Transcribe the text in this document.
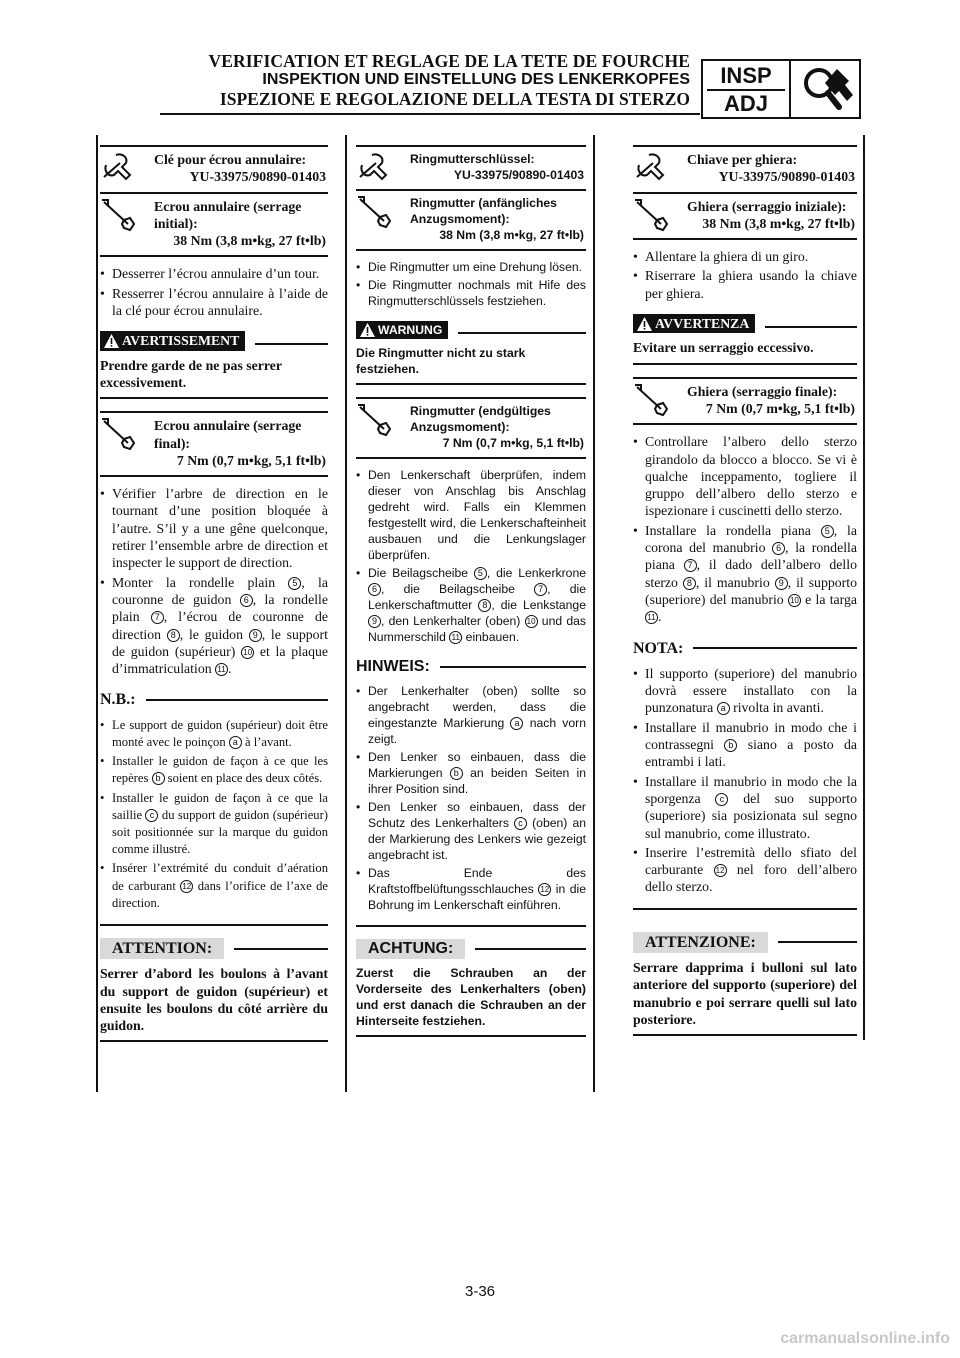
VERIFICATION ET REGLAGE DE LA TETE DE FOURCHE
INSPEKTION UND EINSTELLUNG DES LENKERKOPFES
ISPEZIONE E REGOLAZIONE DELLA TESTA DI STERZO
INSP
ADJ
Clé pour écrou annulaire:
YU-33975/90890-01403
Ecrou annulaire (serrage initial):
38 Nm (3,8 m•kg, 27 ft•lb)
• Desserrer l’écrou annulaire d’un tour.
• Resserrer l’écrou annulaire à l’aide de la clé pour écrou annulaire.
AVERTISSEMENT
Prendre garde de ne pas serrer excessivement.
Ecrou annulaire (serrage final):
7 Nm (0,7 m•kg, 5,1 ft•lb)
• Vérifier l’arbre de direction en le tournant d’une position bloquée à l’autre. S’il y a une gêne quelconque, retirer l’ensemble arbre de direction et inspecter le support de direction.
• Monter la rondelle plain 5 , la couronne de guidon 6 , la rondelle plain 7 , l’écrou de couronne de direction 8 , le guidon 9 , le support de guidon (supérieur) 10 et la plaque d’immatriculation 11 .
N.B.:
• Le support de guidon (supérieur) doit être monté avec le poinçon a à l’avant.
• Installer le guidon de façon à ce que les repères b soient en place des deux côtés.
• Installer le guidon de façon à ce que la saillie c du support de guidon (supérieur) soit positionnée sur la marque du guidon comme illustré.
• Insérer l’extrémité du conduit d’aération de carburant 12 dans l’orifice de l’axe de direction.
ATTENTION:
Serrer d’abord les boulons à l’avant du support de guidon (supérieur) et ensuite les boulons du côté arrière du guidon.
Ringmutterschlüssel:
YU-33975/90890-01403
Ringmutter (anfängliches Anzugsmoment):
38 Nm (3,8 m•kg, 27 ft•lb)
• Die Ringmutter um eine Drehung lösen.
• Die Ringmutter nochmals mit Hife des Ringmutterschlüssels festziehen.
WARNUNG
Die Ringmutter nicht zu stark festziehen.
Ringmutter (endgültiges Anzugsmoment):
7 Nm (0,7 m•kg, 5,1 ft•lb)
• Den Lenkerschaft überprüfen, indem dieser von Anschlag bis Anschlag gedreht wird. Falls ein Klemmen festgestellt wird, die Lenkerschafteinheit ausbauen und die Lenkungslager überprüfen.
• Die Beilagscheibe 5 , die Lenkerkrone 6 , die Beilagscheibe	7 , die Lenkerschaftmutter 8 , die Lenkstange 9 , den Lenkerhalter (oben) 10 und das Nummerschild 11 einbauen.
HINWEIS:
• Der Lenkerhalter (oben) sollte so angebracht werden, dass die eingestanzte Markierung a nach vorn zeigt.
• Den Lenker so einbauen, dass die Markierungen b an beiden Seiten in ihrer Position sind.
• Den Lenker so einbauen, dass der Schutz des Lenkerhalters c (oben) an der Markierung des Lenkers wie gezeigt angebracht ist.
• Das Ende des Kraftstoffbelüftungsschlauches 12 in die Bohrung im Lenkerschaft einführen.
ACHTUNG:
Zuerst die Schrauben an der Vorderseite des Lenkerhalters (oben) und erst danach die Schrauben an der Hinterseite festziehen.
Chiave per ghiera:
YU-33975/90890-01403
Ghiera (serraggio iniziale):
38 Nm (3,8 m•kg, 27 ft•lb)
• Allentare la ghiera di un giro.
• Riserrare la ghiera usando la chiave per ghiera.
AVVERTENZA
Evitare un serraggio eccessivo.
Ghiera (serraggio finale):
7 Nm (0,7 m•kg, 5,1 ft•lb)
• Controllare l’albero dello sterzo girandolo da blocco a blocco. Se vi è qualche inceppamento, togliere il gruppo dell’albero dello sterzo e ispezionare i cuscinetti dello sterzo.
• Installare la rondella piana 5 , la corona del manubrio 6 , la rondella piana 7 , il dado dell’albero dello sterzo 8 , il manubrio 9 , il supporto (superiore) del manubrio 10 e la targa 11 .
NOTA:
• Il supporto (superiore) del manubrio dovrà essere installato con la punzonatura a rivolta in avanti.
• Installare il manubrio in modo che i contrassegni b siano a posto da entrambi i lati.
• Installare il manubrio in modo che la sporgenza c del suo supporto (superiore) sia posizionata sul segno sul manubrio, come illustrato.
• Inserire l’estremità dello sfiato del carburante 12 nel foro dell’albero dello sterzo.
ATTENZIONE:
Serrare dapprima i bulloni sul lato anteriore del supporto (superiore) del manubrio e poi serrare quelli sul lato posteriore.
3-36
carmanualsonline.info
